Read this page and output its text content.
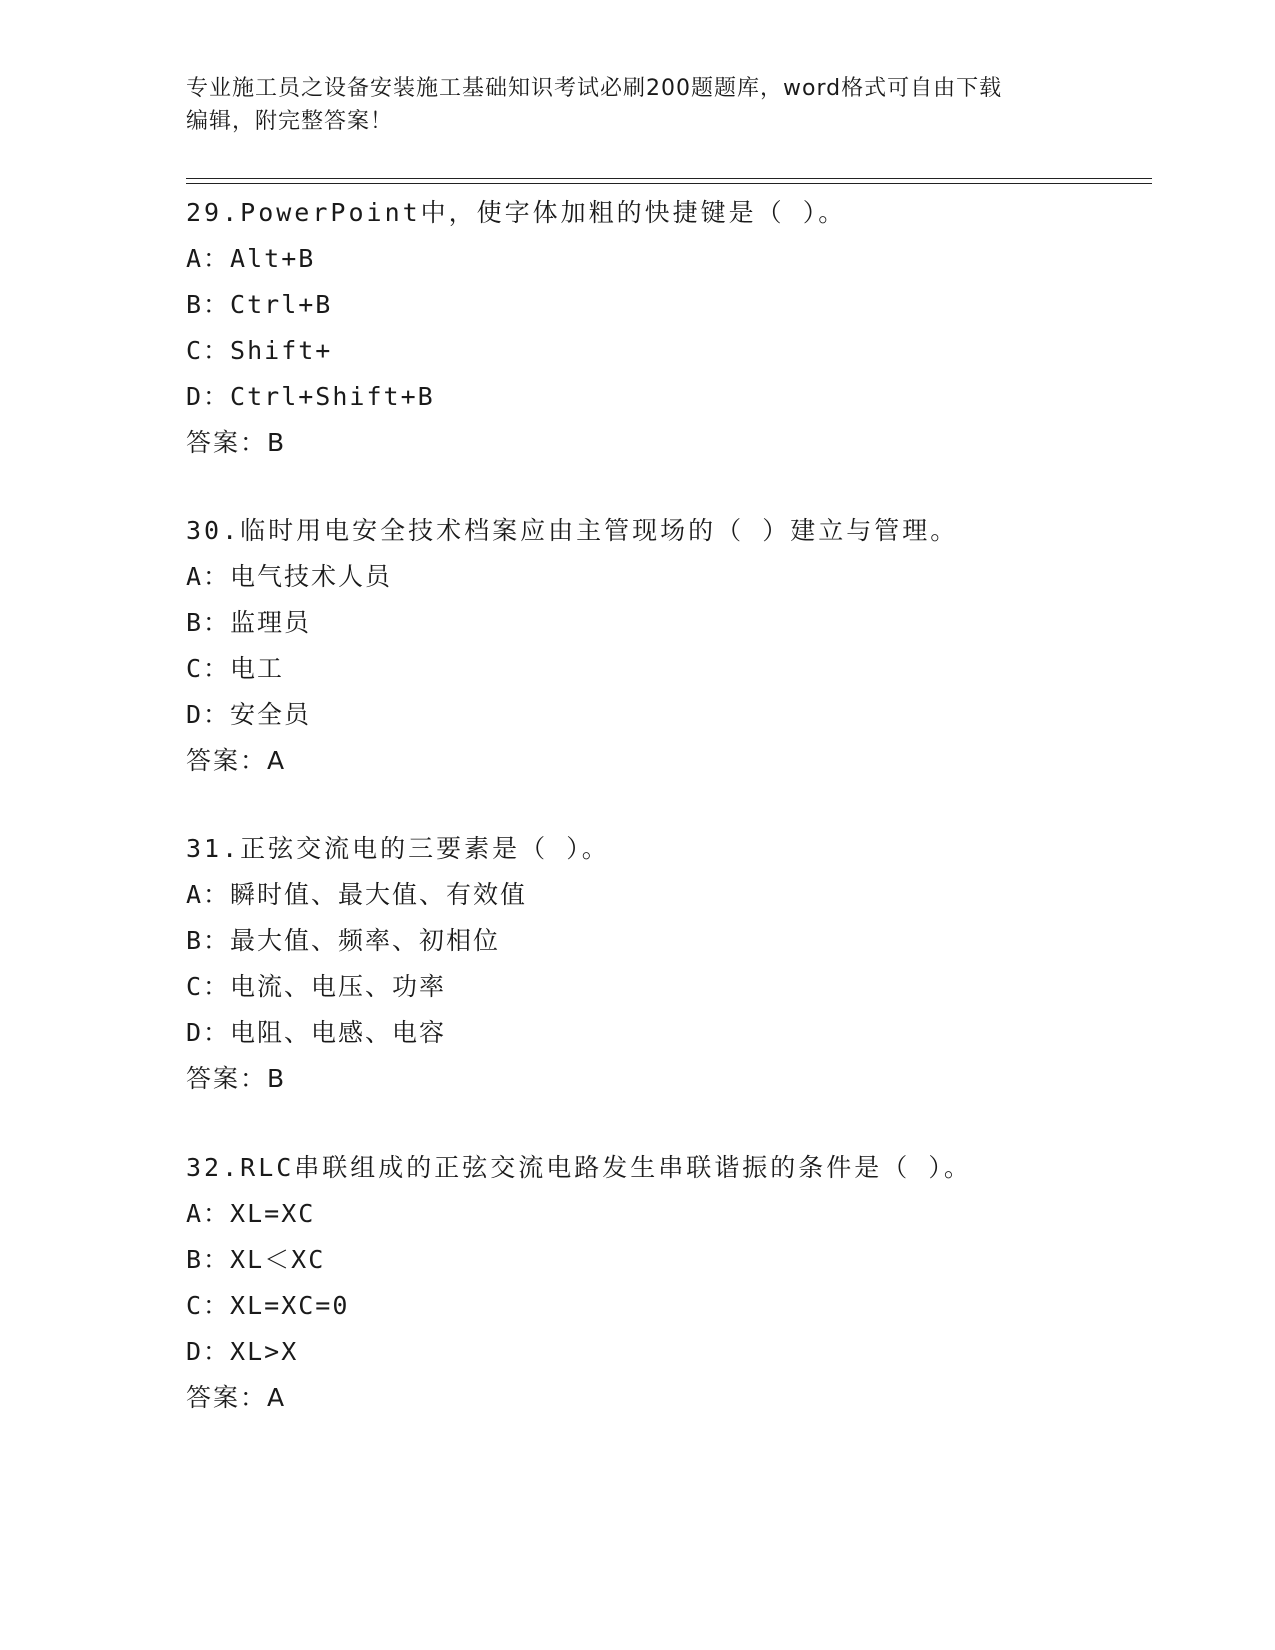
专业施工员之设备安装施工基础知识考试必刷200题题库，word格式可自由下载
编辑，附完整答案！
29.PowerPoint中，使字体加粗的快捷键是（ ）。
A：Alt+B
B：Ctrl+B
C：Shift+
D：Ctrl+Shift+B
答案：B
30.临时用电安全技术档案应由主管现场的（ ）建立与管理。
A：电气技术人员
B：监理员
C：电工
D：安全员
答案：A
31.正弦交流电的三要素是（ ）。
A：瞬时值、最大值、有效值
B：最大值、频率、初相位
C：电流、电压、功率
D：电阻、电感、电容
答案：B
32.RLC串联组成的正弦交流电路发生串联谐振的条件是（ ）。
A：XL=XC
B：XL＜XC
C：XL=XC=0
D：XL>X
答案：A
